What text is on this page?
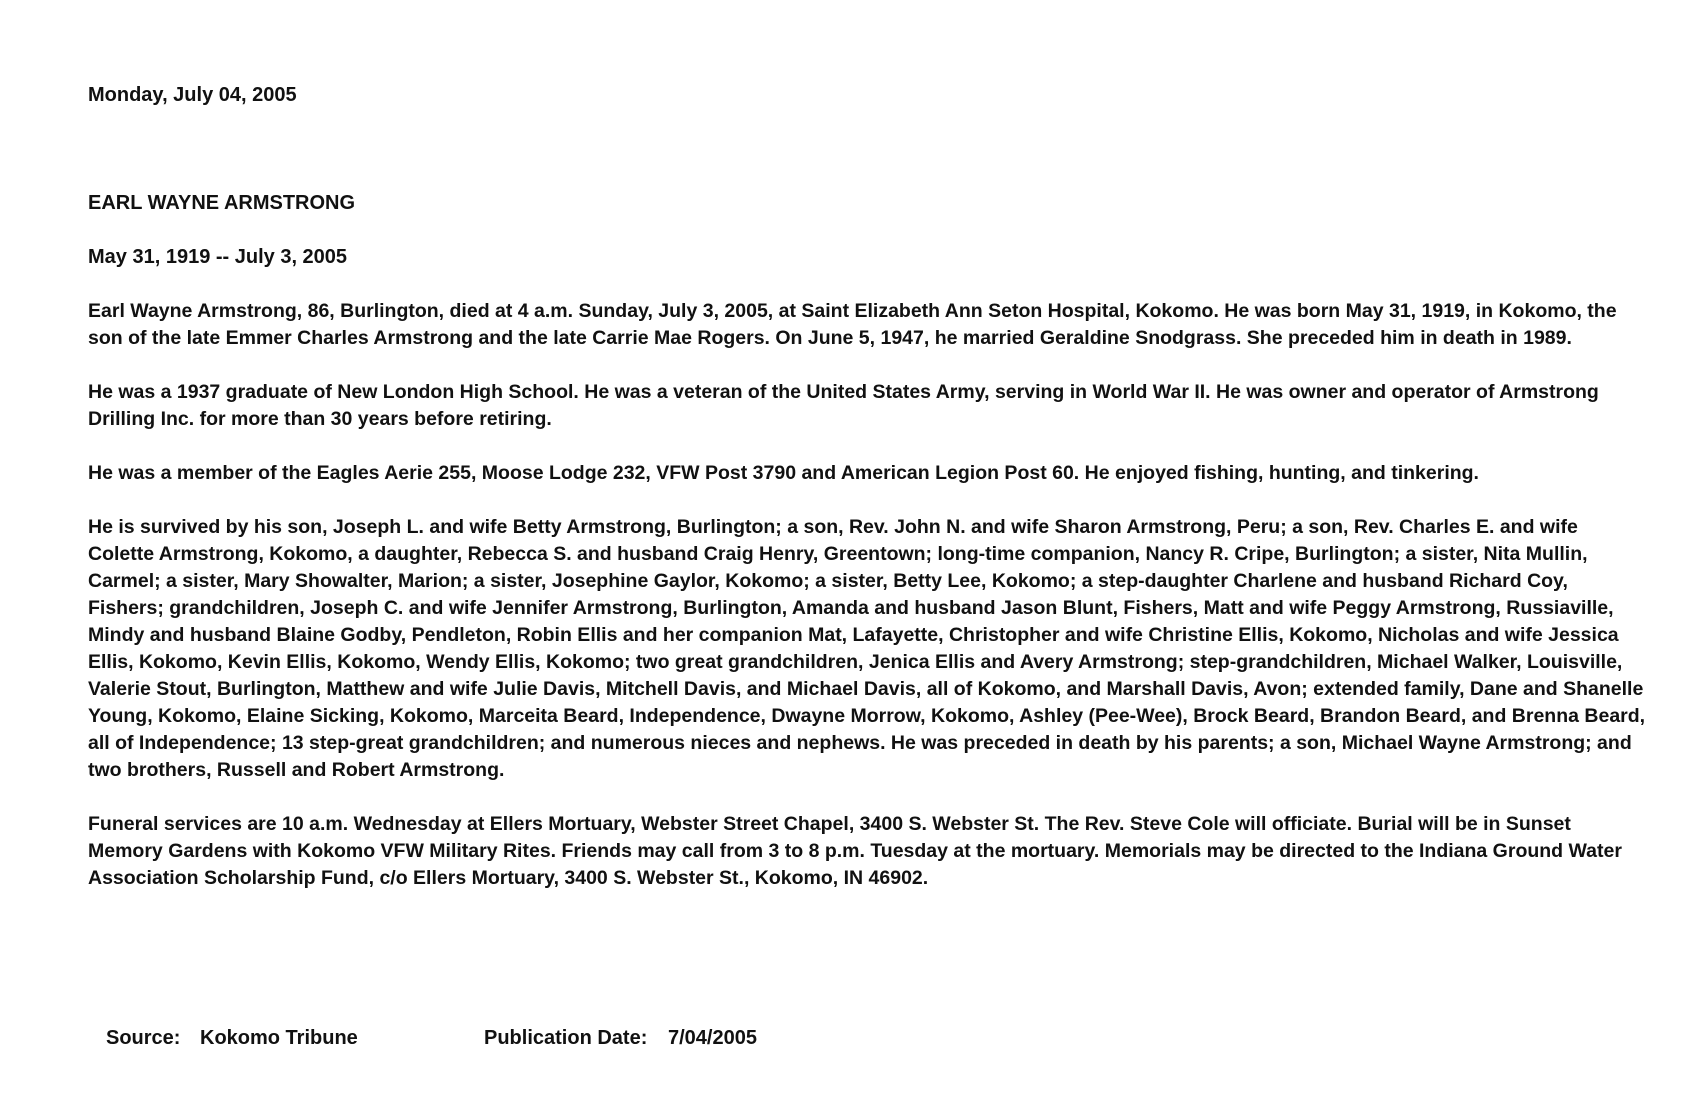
Monday, July 04, 2005
EARL WAYNE ARMSTRONG
May 31, 1919 -- July 3, 2005

Earl Wayne Armstrong, 86, Burlington, died at 4 a.m. Sunday, July 3, 2005, at Saint Elizabeth Ann Seton Hospital, Kokomo. He was born May 31, 1919, in Kokomo, the son of the late Emmer Charles Armstrong and the late Carrie Mae Rogers. On June 5, 1947, he married Geraldine Snodgrass. She preceded him in death in 1989.

He was a 1937 graduate of New London High School. He was a veteran of the United States Army, serving in World War II. He was owner and operator of Armstrong Drilling Inc. for more than 30 years before retiring.

He was a member of the Eagles Aerie 255, Moose Lodge 232, VFW Post 3790 and American Legion Post 60. He enjoyed fishing, hunting, and tinkering.

He is survived by his son, Joseph L. and wife Betty Armstrong, Burlington; a son, Rev. John N. and wife Sharon Armstrong, Peru; a son, Rev. Charles E. and wife Colette Armstrong, Kokomo, a daughter, Rebecca S. and husband Craig Henry, Greentown; long-time companion, Nancy R. Cripe, Burlington; a sister, Nita Mullin, Carmel; a sister, Mary Showalter, Marion; a sister, Josephine Gaylor, Kokomo; a sister, Betty Lee, Kokomo; a step-daughter Charlene and husband Richard Coy, Fishers; grandchildren, Joseph C. and wife Jennifer Armstrong, Burlington, Amanda and husband Jason Blunt, Fishers, Matt and wife Peggy Armstrong, Russiaville, Mindy and husband Blaine Godby, Pendleton, Robin Ellis and her companion Mat, Lafayette, Christopher and wife Christine Ellis, Kokomo, Nicholas and wife Jessica Ellis, Kokomo, Kevin Ellis, Kokomo, Wendy Ellis, Kokomo; two great grandchildren, Jenica Ellis and Avery Armstrong; step-grandchildren, Michael Walker, Louisville, Valerie Stout, Burlington, Matthew and wife Julie Davis, Mitchell Davis, and Michael Davis, all of Kokomo, and Marshall Davis, Avon; extended family, Dane and Shanelle Young, Kokomo, Elaine Sicking, Kokomo, Marceita Beard, Independence, Dwayne Morrow, Kokomo, Ashley (Pee-Wee), Brock Beard, Brandon Beard, and Brenna Beard, all of Independence; 13 step-great grandchildren; and numerous nieces and nephews. He was preceded in death by his parents; a son, Michael Wayne Armstrong; and two brothers, Russell and Robert Armstrong.

Funeral services are 10 a.m. Wednesday at Ellers Mortuary, Webster Street Chapel, 3400 S. Webster St. The Rev. Steve Cole will officiate. Burial will be in Sunset Memory Gardens with Kokomo VFW Military Rites. Friends may call from 3 to 8 p.m. Tuesday at the mortuary. Memorials may be directed to the Indiana Ground Water Association Scholarship Fund, c/o Ellers Mortuary, 3400 S. Webster St., Kokomo, IN 46902.

Source: Kokomo Tribune	Publication Date: 7/04/2005
